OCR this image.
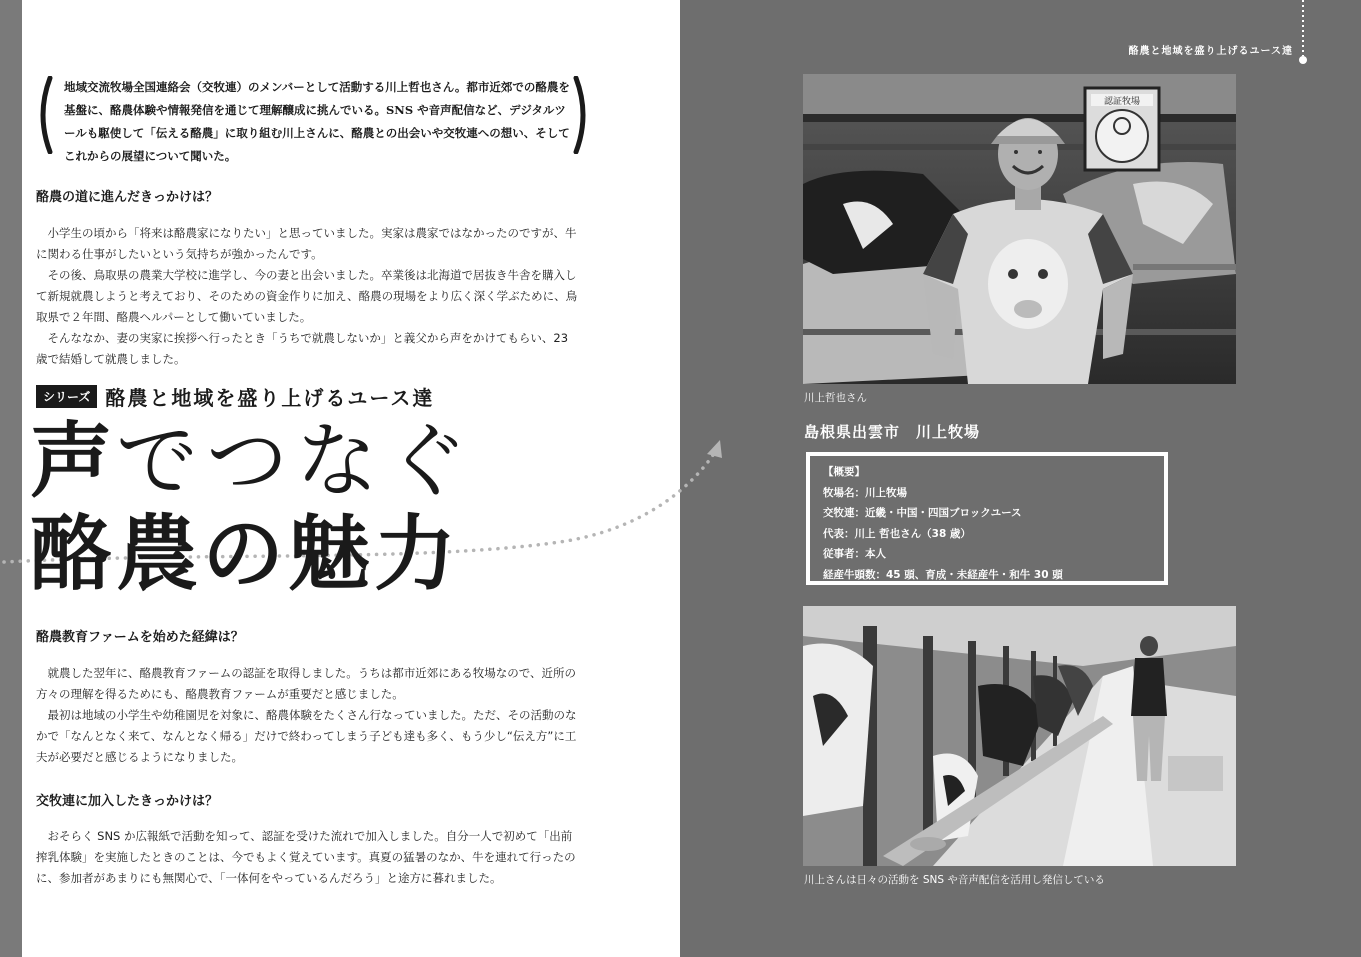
地域交流牧場全国連絡会（交牧連）のメンバーとして活動する川上哲也さん。都市近郊での酪農を基盤に、酪農体験や情報発信を通じて理解醸成に挑んでいる。SNS や音声配信など、デジタルツールも駆使して「伝える酪農」に取り組む川上さんに、酪農との出会いや交牧連への想い、そしてこれからの展望について聞いた。
酪農の道に進んだきっかけは？

小学生の頃から「将来は酪農家になりたい」と思っていました。実家は農家ではなかったのですが、牛に関わる仕事がしたいという気持ちが強かったんです。

その後、鳥取県の農業大学校に進学し、今の妻と出会いました。卒業後は北海道で居抜き牛舎を購入して新規就農しようと考えており、そのための資金作りに加え、酪農の現場をより広く深く学ぶために、鳥取県で２年間、酪農ヘルパーとして働いていました。

そんななか、妻の実家に挨拶へ行ったとき「うちで就農しないか」と義父から声をかけてもらい、23 歳で結婚して就農しました。

シリーズ 酪農と地域を盛り上げるユース達
声 でつなぐ
酪農の魅力
酪農教育ファームを始めた経緯は？

就農した翌年に、酪農教育ファームの認証を取得しました。うちは都市近郊にある牧場なので、近所の方々の理解を得るためにも、酪農教育ファームが重要だと感じました。

最初は地域の小学生や幼稚園児を対象に、酪農体験をたくさん行なっていました。ただ、その活動のなかで「なんとなく来て、なんとなく帰る」だけで終わってしまう子ども達も多く、もう少し“伝え方”に工夫が必要だと感じるようになりました。

交牧連に加入したきっかけは？

おそらく SNS か広報紙で活動を知って、認証を受けた流れで加入しました。自分一人で初めて「出前搾乳体験」を実施したときのことは、今でもよく覚えています。真夏の猛暑のなか、牛を連れて行ったのに、参加者があまりにも無関心で、「一体何をやっているんだろう」と途方に暮れました。

酪農と地域を盛り上げるユース達
認証牧場
川上哲也さん
島根県出雲市　川上牧場
【概要】
牧場名：川上牧場
交牧連：近畿・中国・四国ブロックユース
代表：川上 哲也さん（38 歳）
従事者：本人
経産牛頭数：45 頭、育成・未経産牛・和牛 30 頭
川上さんは日々の活動を SNS や音声配信を活用し発信している
